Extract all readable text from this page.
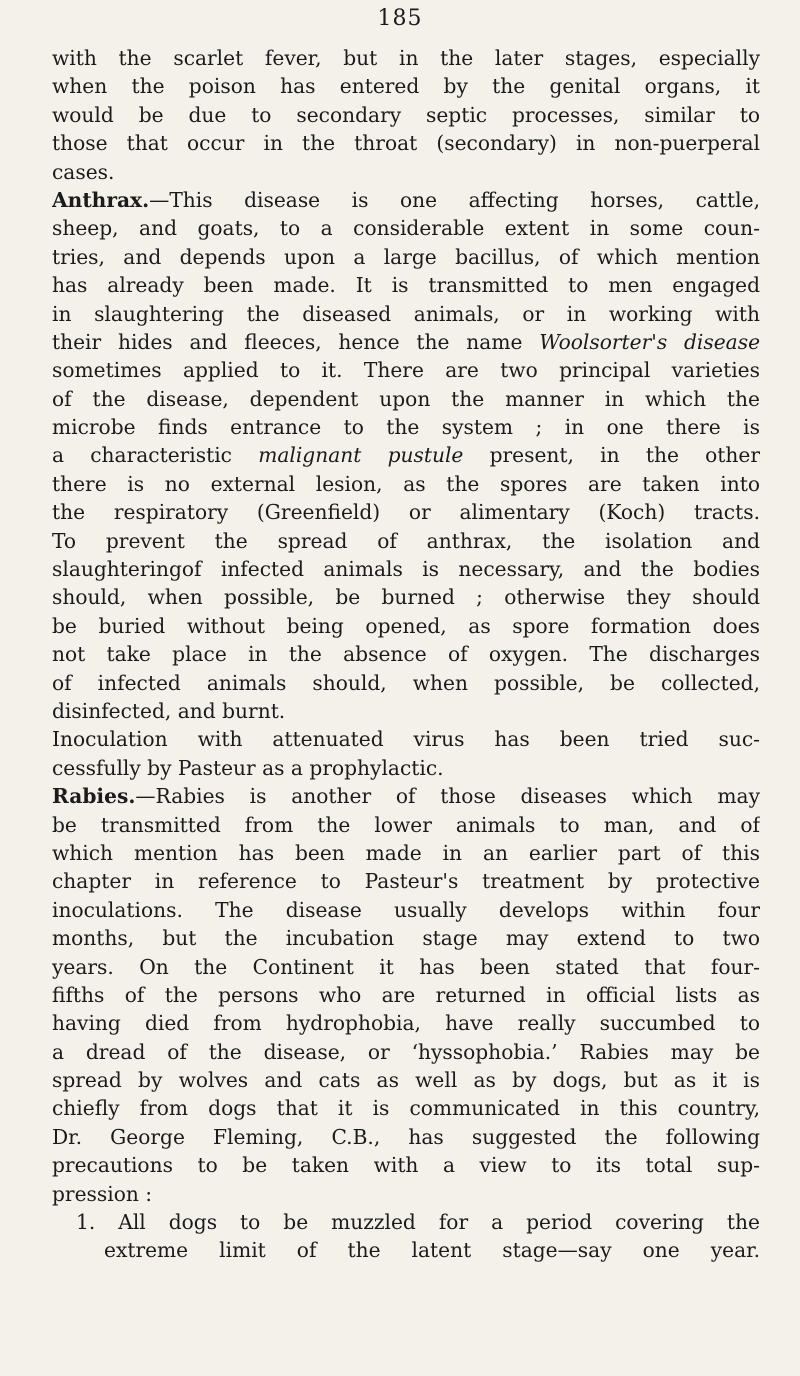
185
with the scarlet fever, but in the later stages, especially
when the poison has entered by the genital organs, it
would be due to secondary septic processes, similar to
those that occur in the throat (secondary) in non-puerperal
cases.
Anthrax.—This disease is one affecting horses, cattle,
sheep, and goats, to a considerable extent in some coun-
tries, and depends upon a large bacillus, of which mention
has already been made. It is transmitted to men engaged
in slaughtering the diseased animals, or in working with
their hides and fleeces, hence the name Woolsorter's disease
sometimes applied to it. There are two principal varieties
of the disease, dependent upon the manner in which the
microbe finds entrance to the system ; in one there is
a characteristic malignant pustule present, in the other
there is no external lesion, as the spores are taken into
the respiratory (Greenfield) or alimentary (Koch) tracts.
To prevent the spread of anthrax, the isolation and
slaughteringof infected animals is necessary, and the bodies
should, when possible, be burned ; otherwise they should
be buried without being opened, as spore formation does
not take place in the absence of oxygen. The discharges
of infected animals should, when possible, be collected,
disinfected, and burnt.
Inoculation with attenuated virus has been tried suc-
cessfully by Pasteur as a prophylactic.
Rabies.—Rabies is another of those diseases which may
be transmitted from the lower animals to man, and of
which mention has been made in an earlier part of this
chapter in reference to Pasteur's treatment by protective
inoculations. The disease usually develops within four
months, but the incubation stage may extend to two
years. On the Continent it has been stated that four-
fifths of the persons who are returned in official lists as
having died from hydrophobia, have really succumbed to
a dread of the disease, or ‘hyssophobia.’ Rabies may be
spread by wolves and cats as well as by dogs, but as it is
chiefly from dogs that it is communicated in this country,
Dr. George Fleming, C.B., has suggested the following
precautions to be taken with a view to its total sup-
pression :
1. All dogs to be muzzled for a period covering the
extreme limit of the latent stage—say one year.
